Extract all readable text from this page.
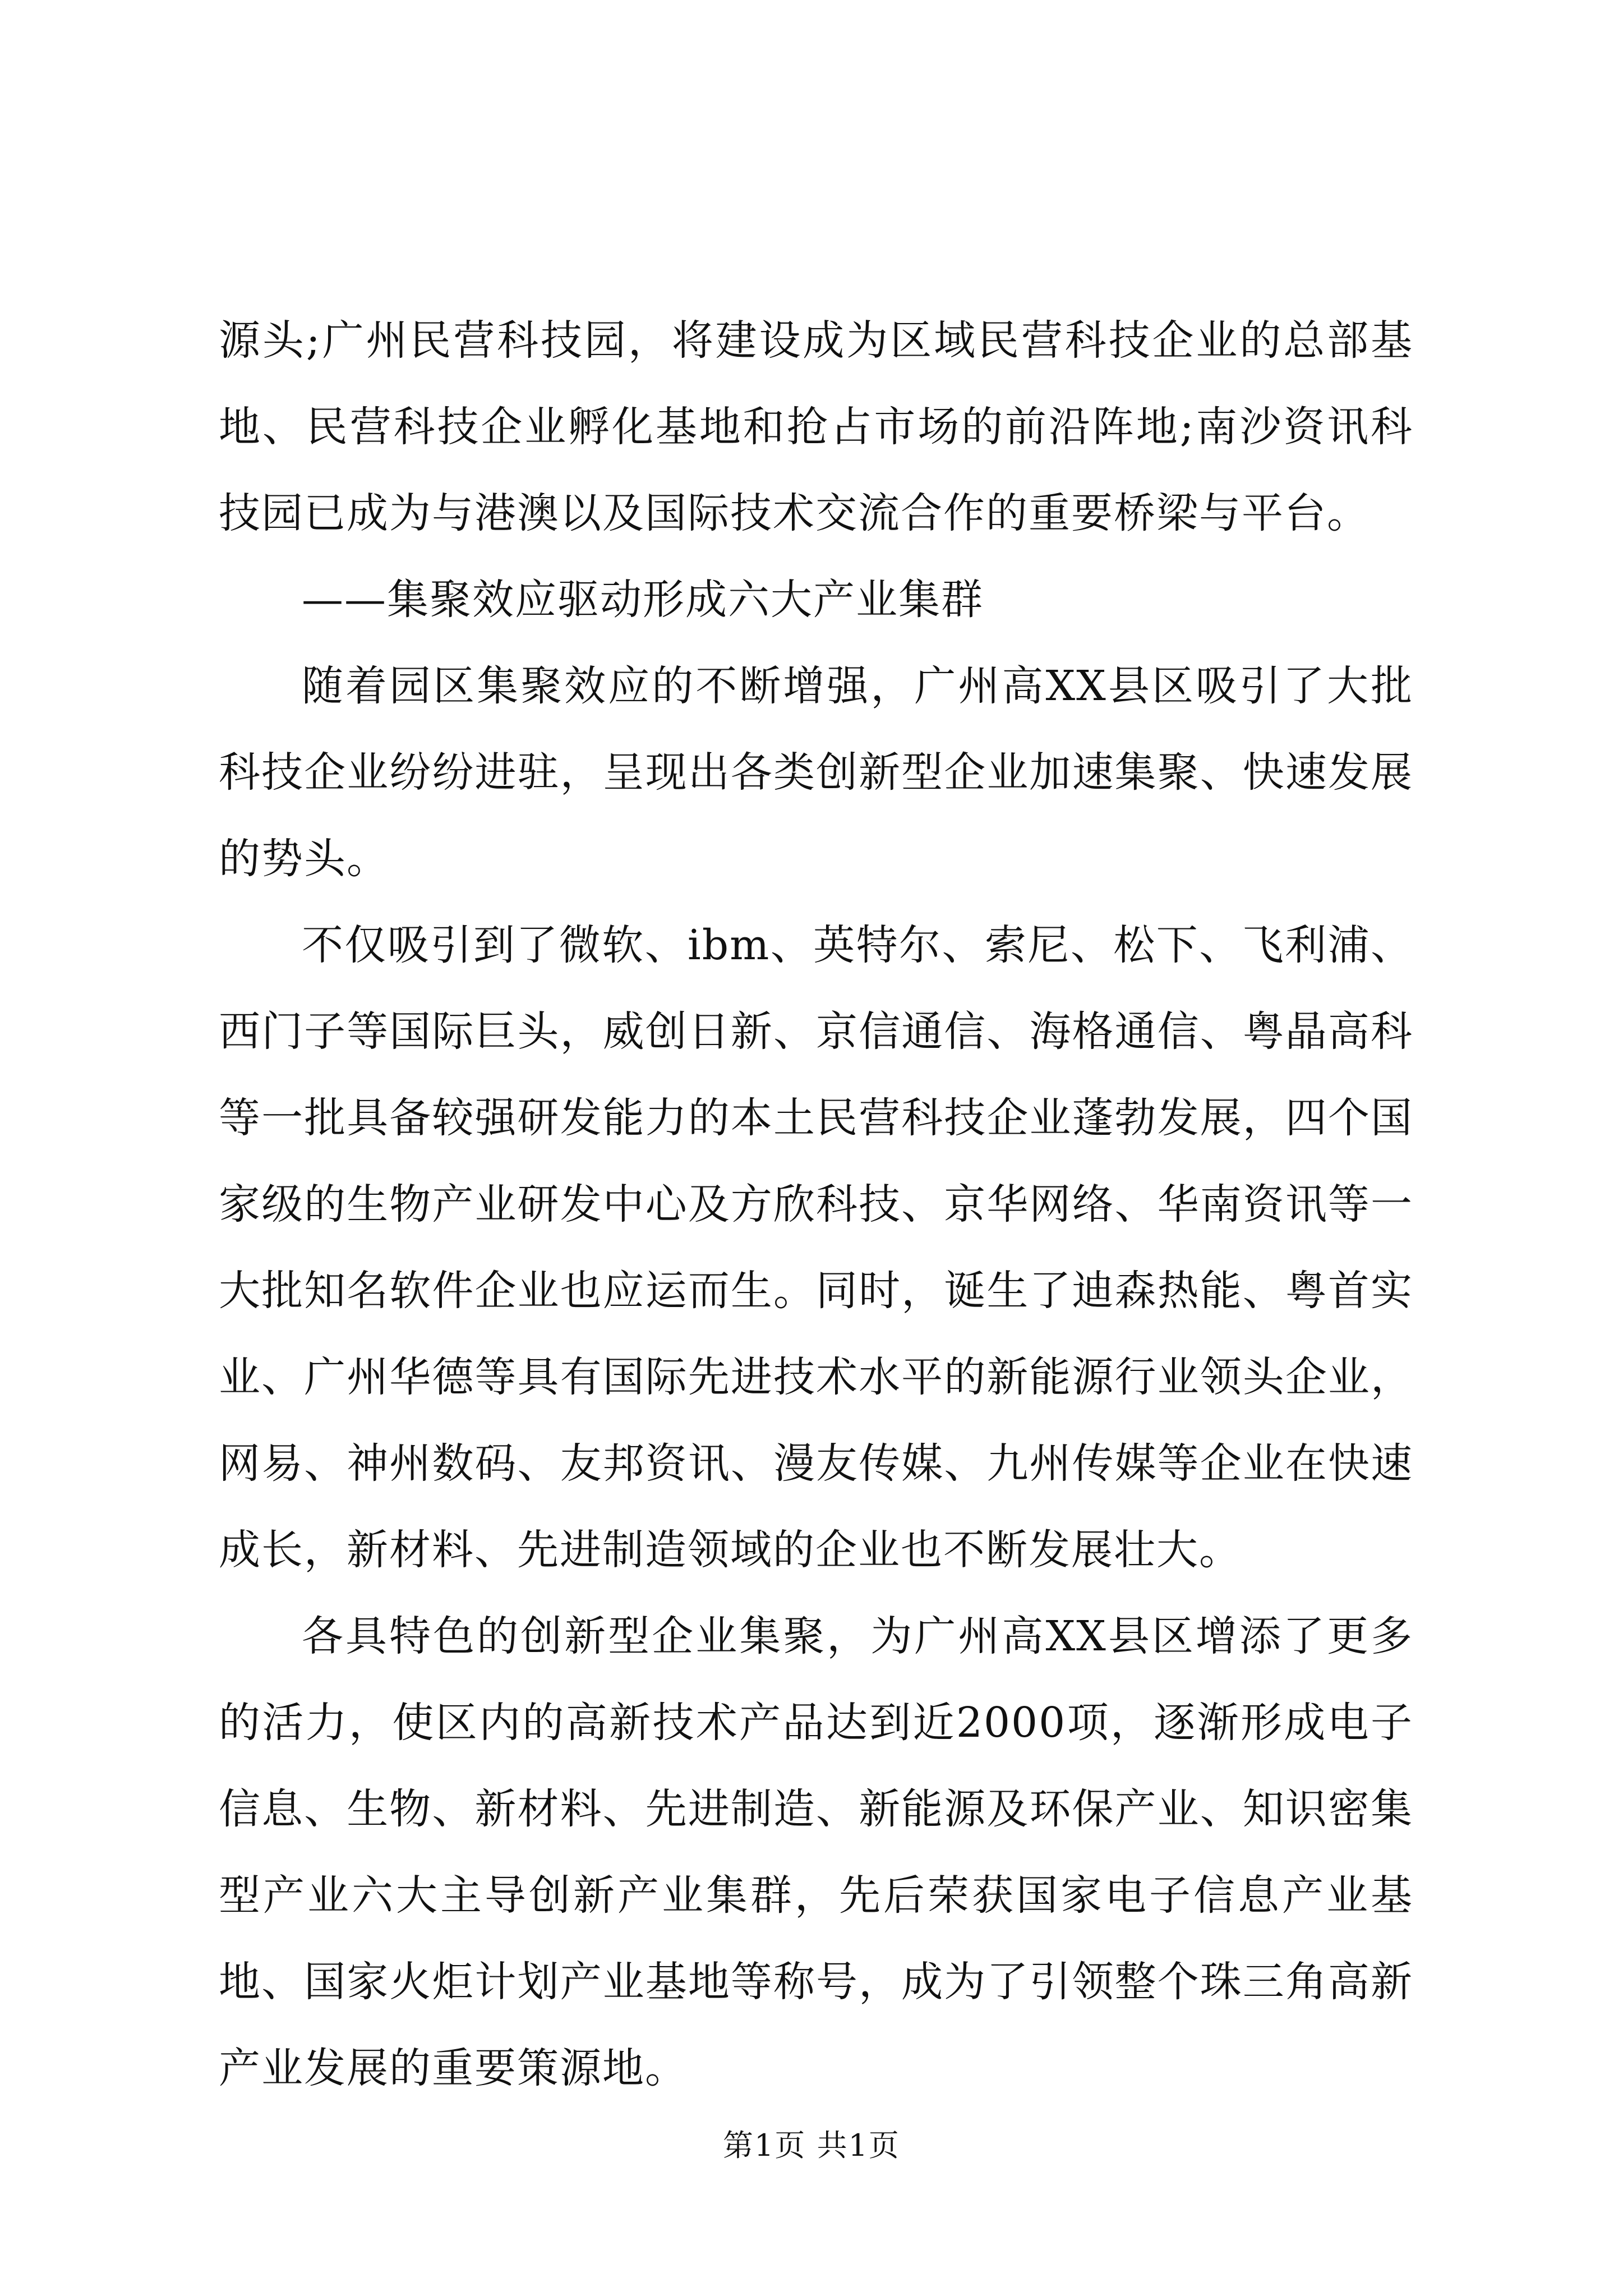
源头;广州民营科技园，将建设成为区域民营科技企业的总部基地、民营科技企业孵化基地和抢占市场的前沿阵地;南沙资讯科技园已成为与港澳以及国际技术交流合作的重要桥梁与平台。

——集聚效应驱动形成六大产业集群

随着园区集聚效应的不断增强，广州高XX县区吸引了大批科技企业纷纷进驻，呈现出各类创新型企业加速集聚、快速发展的势头。

不仅吸引到了微软、ibm、英特尔、索尼、松下、飞利浦、西门子等国际巨头，威创日新、京信通信、海格通信、粤晶高科等一批具备较强研发能力的本土民营科技企业蓬勃发展，四个国家级的生物产业研发中心及方欣科技、京华网络、华南资讯等一大批知名软件企业也应运而生。同时，诞生了迪森热能、粤首实业、广州华德等具有国际先进技术水平的新能源行业领头企业，网易、神州数码、友邦资讯、漫友传媒、九州传媒等企业在快速成长，新材料、先进制造领域的企业也不断发展壮大。

各具特色的创新型企业集聚，为广州高XX县区增添了更多的活力，使区内的高新技术产品达到近2000项，逐渐形成电子信息、生物、新材料、先进制造、新能源及环保产业、知识密集型产业六大主导创新产业集群，先后荣获国家电子信息产业基地、国家火炬计划产业基地等称号，成为了引领整个珠三角高新产业发展的重要策源地。

第1页 共1页
